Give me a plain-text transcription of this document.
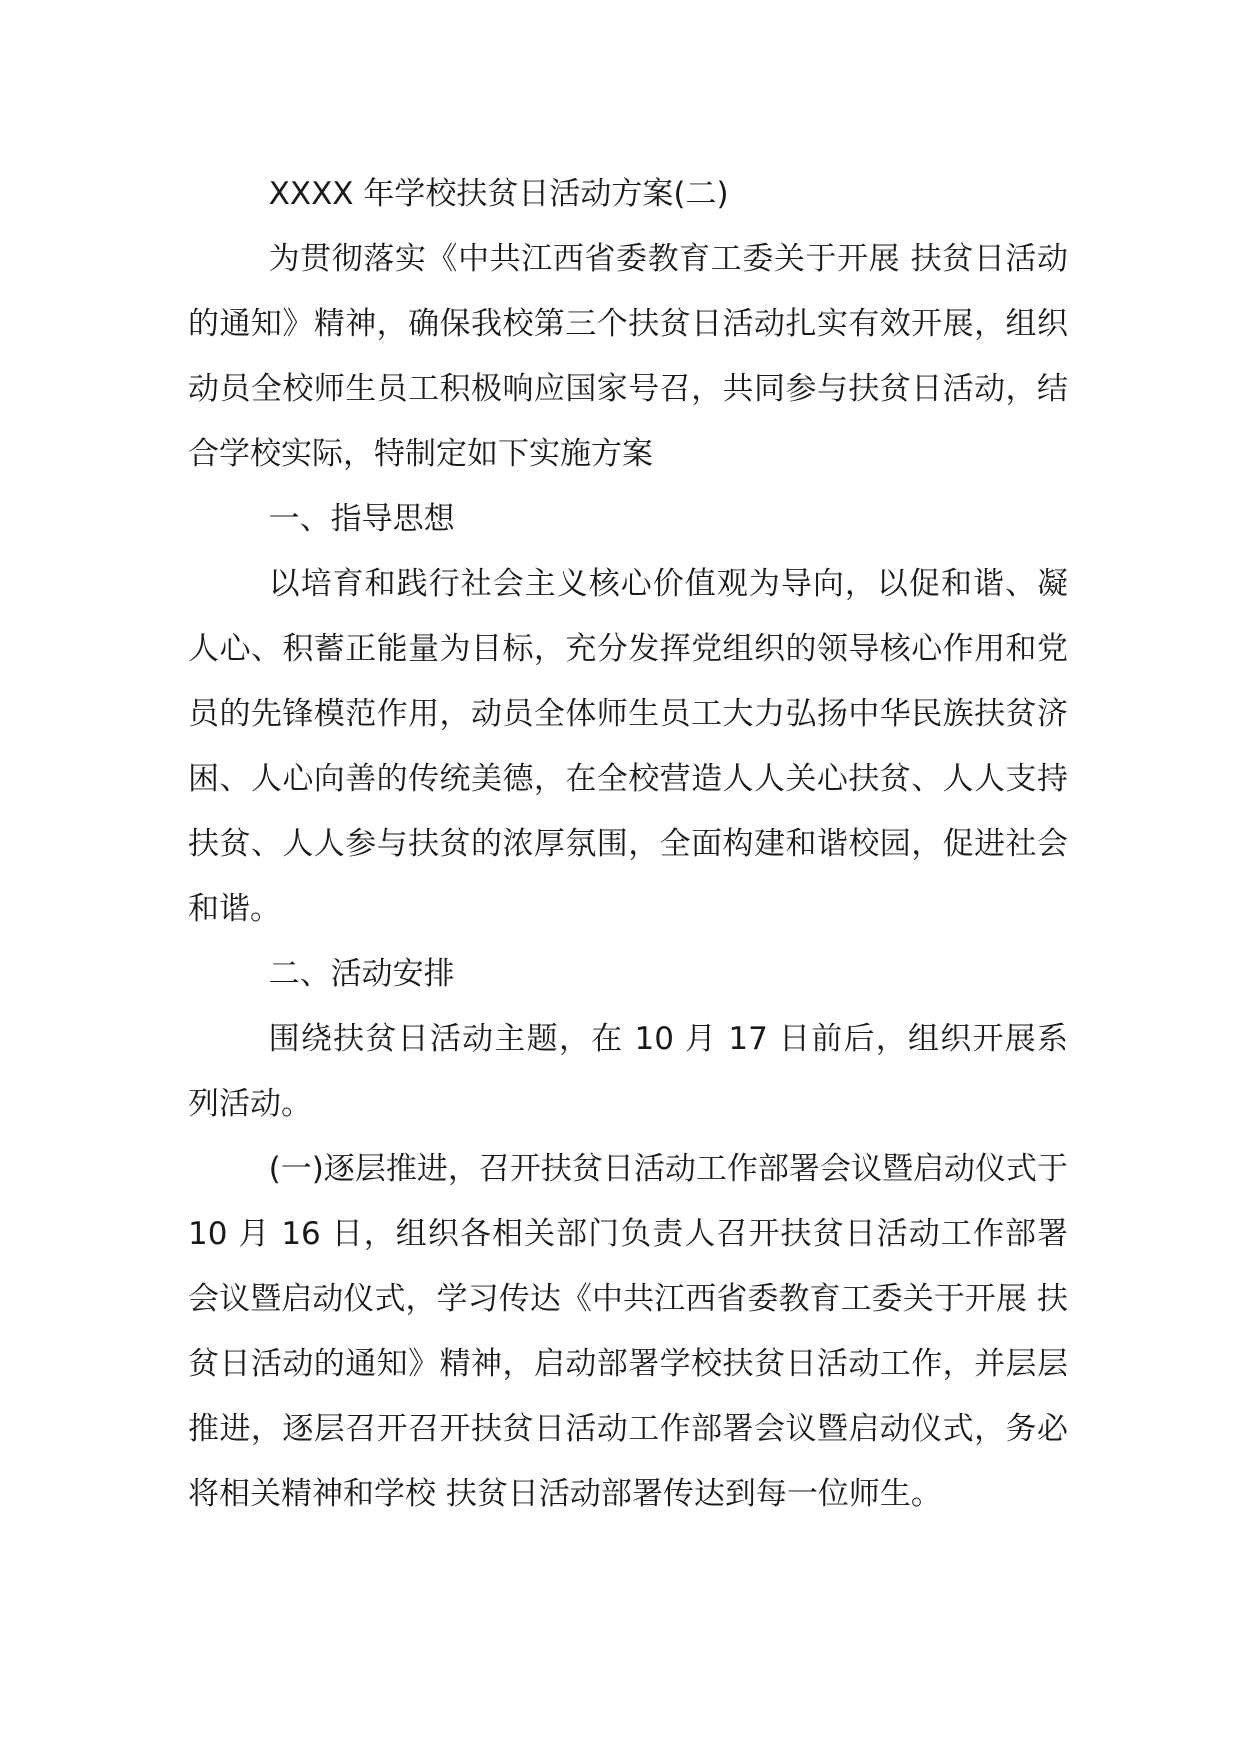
XXXX 年学校扶贫日活动方案(二)

为贯彻落实《中共江西省委教育工委关于开展 扶贫日活动的通知》精神，确保我校第三个扶贫日活动扎实有效开展，组织动员全校师生员工积极响应国家号召，共同参与扶贫日活动，结合学校实际，特制定如下实施方案

一、指导思想

以培育和践行社会主义核心价值观为导向，以促和谐、凝人心、积蓄正能量为目标，充分发挥党组织的领导核心作用和党员的先锋模范作用，动员全体师生员工大力弘扬中华民族扶贫济困、人心向善的传统美德，在全校营造人人关心扶贫、人人支持扶贫、人人参与扶贫的浓厚氛围，全面构建和谐校园，促进社会和谐。

二、活动安排

围绕扶贫日活动主题，在 10 月 17 日前后，组织开展系列活动。

(一)逐层推进，召开扶贫日活动工作部署会议暨启动仪式于 10 月 16 日，组织各相关部门负责人召开扶贫日活动工作部署会议暨启动仪式，学习传达《中共江西省委教育工委关于开展 扶贫日活动的通知》精神，启动部署学校扶贫日活动工作，并层层推进，逐层召开召开扶贫日活动工作部署会议暨启动仪式，务必将相关精神和学校 扶贫日活动部署传达到每一位师生。
